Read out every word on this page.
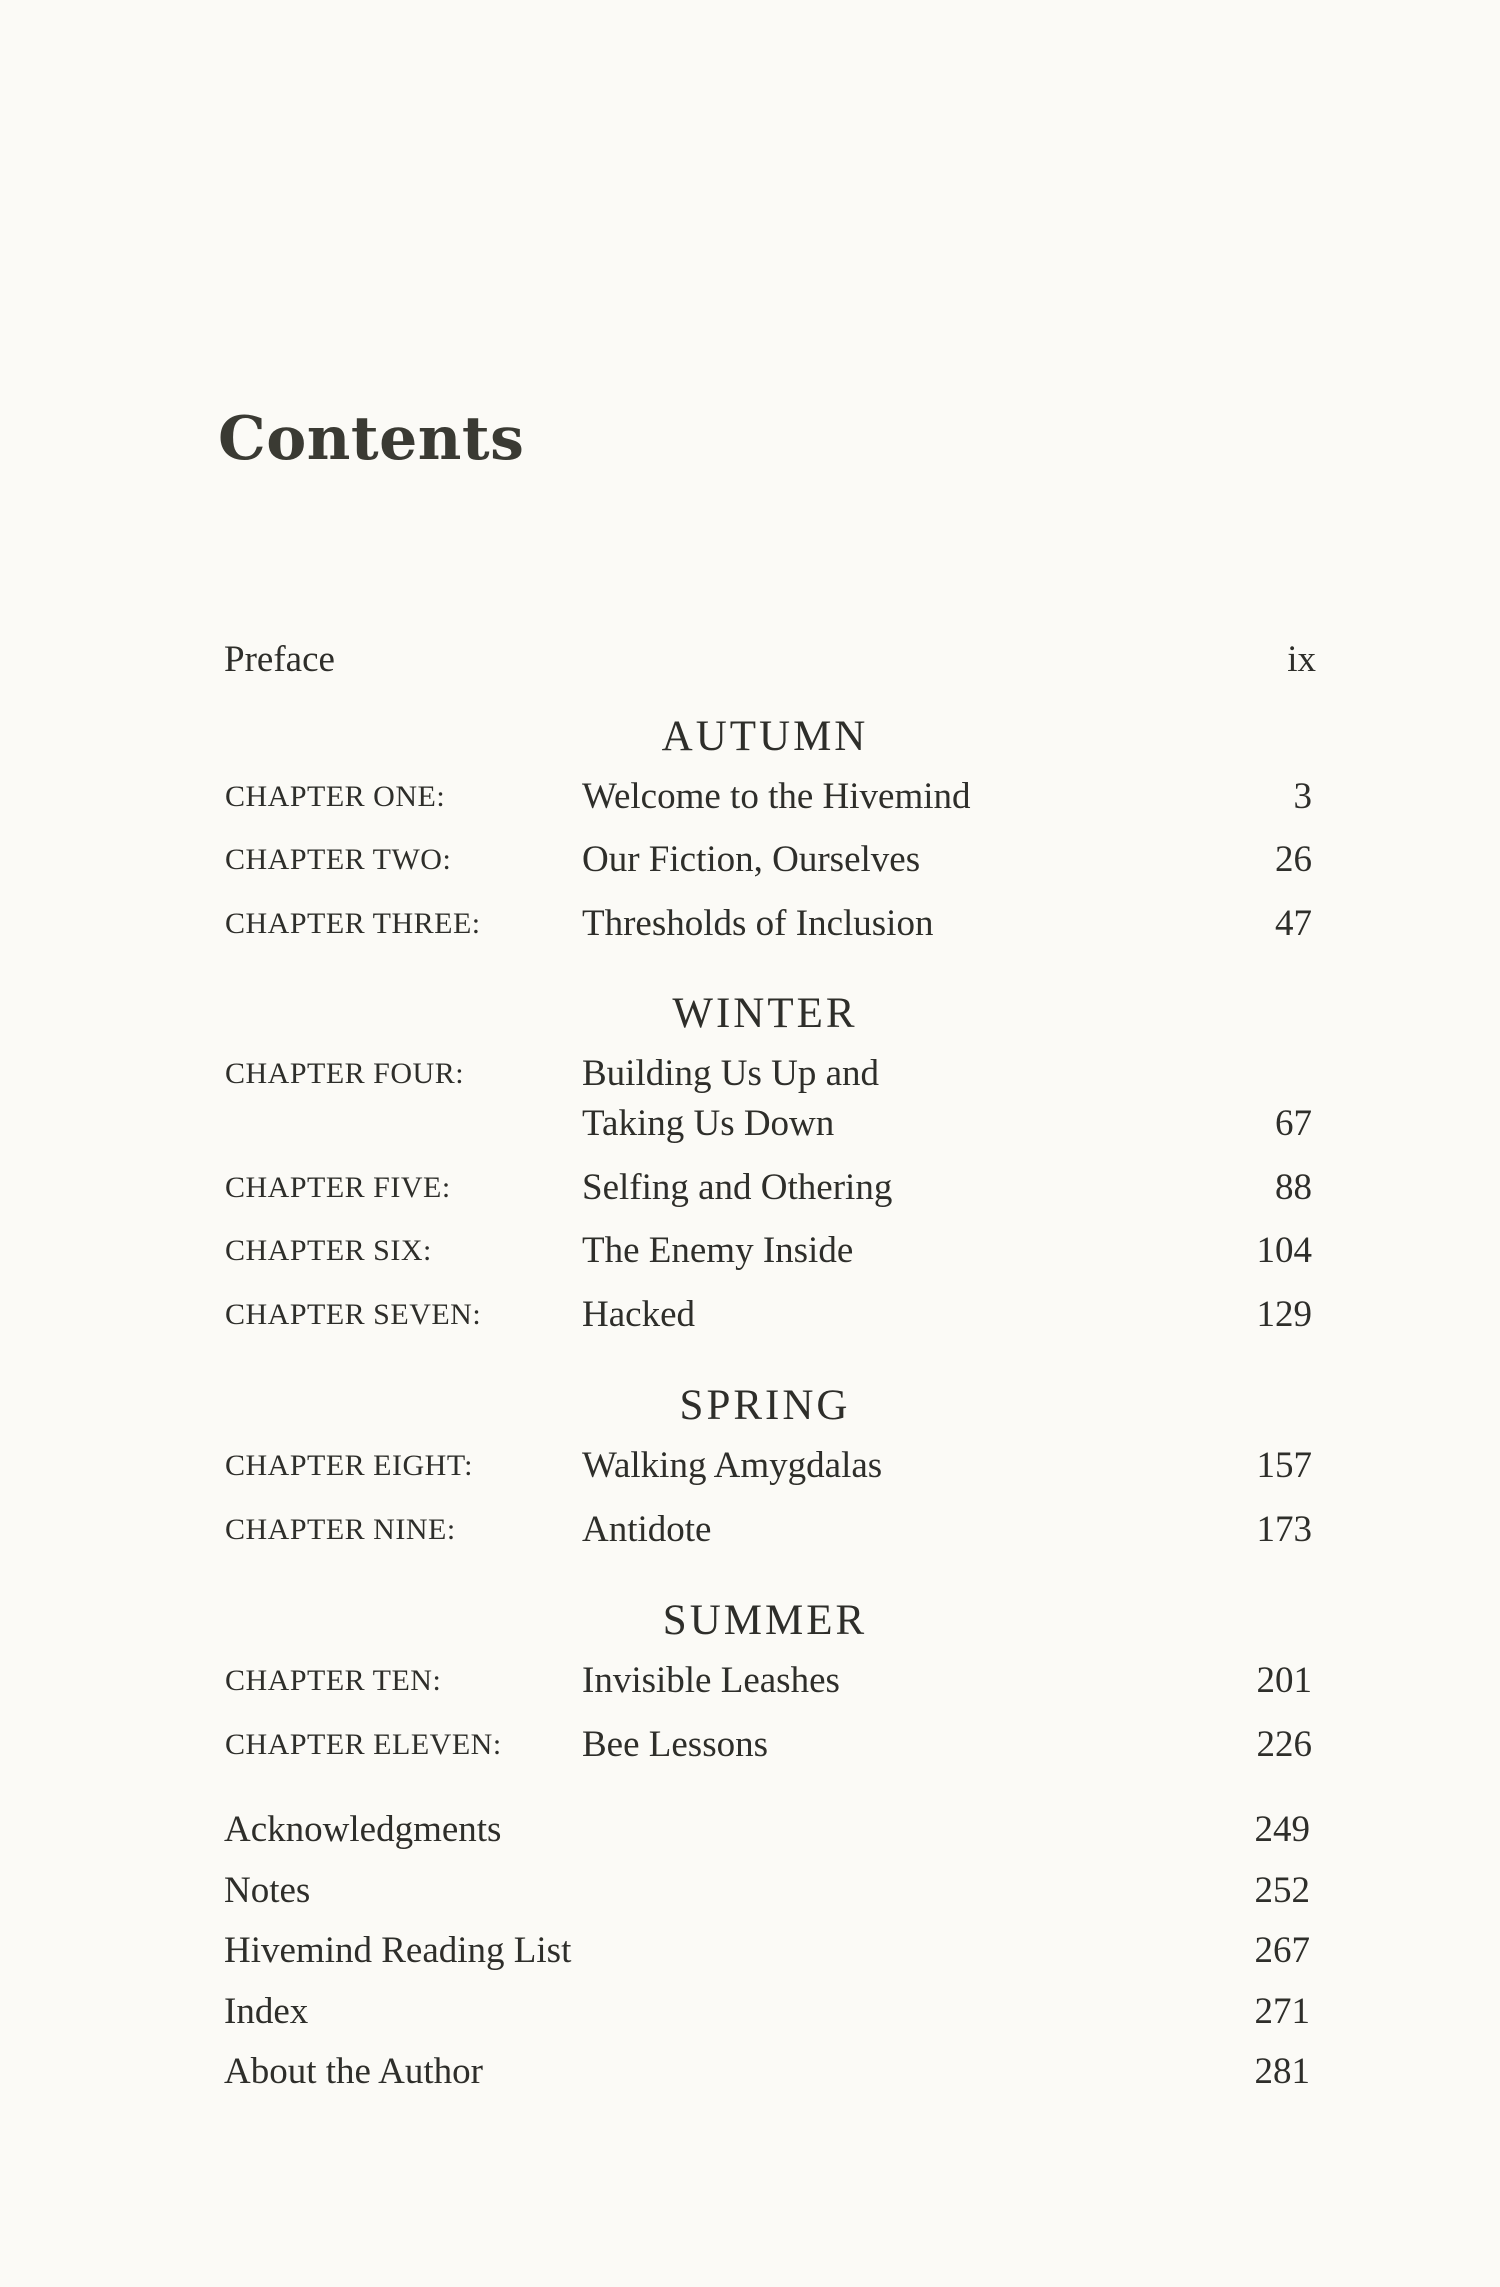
Contents
Preface	ix
AUTUMN
CHAPTER ONE:	Welcome to the Hivemind	3
CHAPTER TWO:	Our Fiction, Ourselves	26
CHAPTER THREE:	Thresholds of Inclusion	47
WINTER
CHAPTER FOUR:	Building Us Up and
Taking Us Down	67
CHAPTER FIVE:	Selfing and Othering	88
CHAPTER SIX:	The Enemy Inside	104
CHAPTER SEVEN:	Hacked	129
SPRING
CHAPTER EIGHT:	Walking Amygdalas	157
CHAPTER NINE:	Antidote	173
SUMMER
CHAPTER TEN:	Invisible Leashes	201
CHAPTER ELEVEN: Bee Lessons	226
Acknowledgments	249
Notes	252
Hivemind Reading List	267
Index	271
About the Author	281
